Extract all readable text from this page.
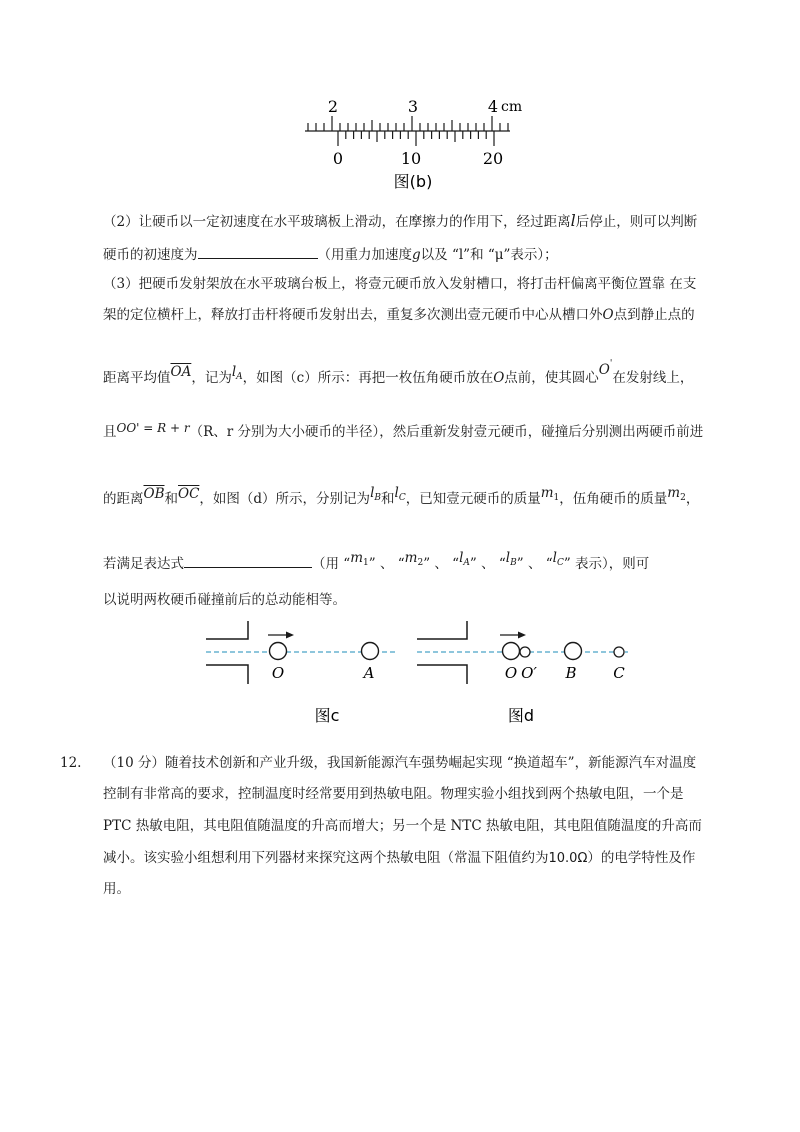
2	3	4 cm
0	10	20
图(b)
（2）让硬币以一定初速度在水平玻璃板上滑动，在摩擦力的作用下，经过距离l后停止，则可以判断
硬币的初速度为	（用重力加速度g以及 “l”和 “μ”表示）；
（3）把硬币发射架放在水平玻璃台板上，将壹元硬币放入发射槽口，将打击杆偏离平衡位置靠 在支
架的定位横杆上，释放打击杆将硬币发射出去，重复多次测出壹元硬币中心从槽口外O点到静止点的
距离平均值$\overline{OA}$，记为$l_A$，如图（c）所示：再把一枚伍角硬币放在O点前，使其圆心O'在发射线上，
且OO' = R + r（R、r 分别为大小硬币的半径），然后重新发射壹元硬币，碰撞后分别测出两硬币前进
的距离$\overline{OB}$和$\overline{OC}$，如图（d）所示，分别记为$l_B$和$l_C$，已知壹元硬币的质量$m_1$，伍角硬币的质量$m_2$，
若满足表达式	（用 “$m_1$” 、 “$m_2$” 、 “$l_A$” 、 “$l_B$” 、 “$l_C$” 表示），则可
以说明两枚硬币碰撞前后的总动能相等。
O	A
图c
O O′ B C
图d
12. （10 分）随着技术创新和产业升级，我国新能源汽车强势崛起实现 “换道超车”，新能源汽车对温度
控制有非常高的要求，控制温度时经常要用到热敏电阻。物理实验小组找到两个热敏电阻，一个是
PTC 热敏电阻，其电阻值随温度的升高而增大；另一个是 NTC 热敏电阻，其电阻值随温度的升高而
减小。该实验小组想利用下列器材来探究这两个热敏电阻（常温下阻值约为10.0Ω）的电学特性及作
用。
